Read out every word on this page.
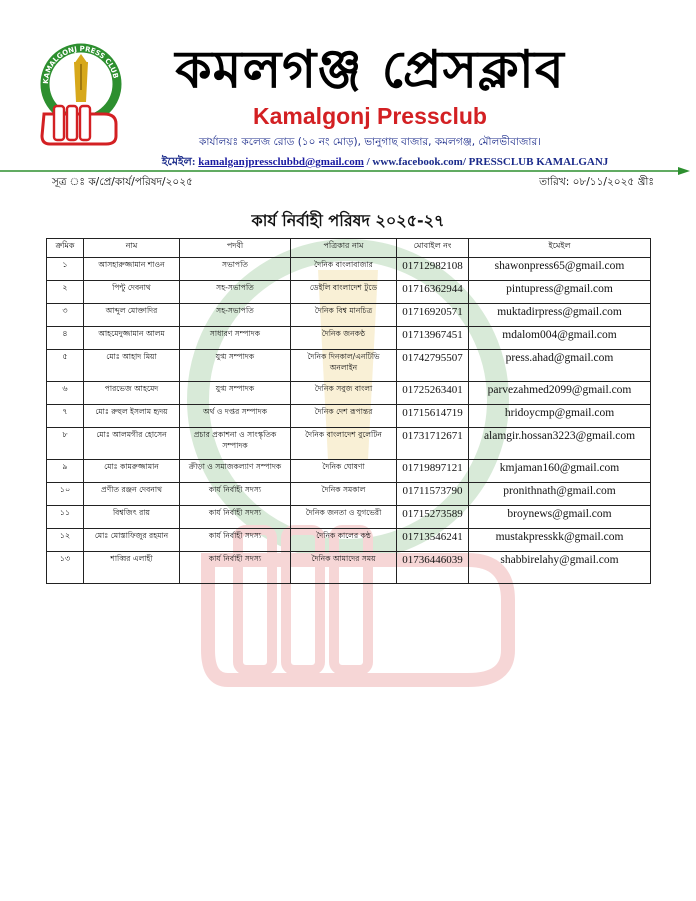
KAMALGONJ PRESS CLUB
✱	✱	কমলগঞ্জ প্রেসক্লাব
Kamalgonj Pressclub
কার্যালয়ঃ কলেজ রোড (১০ নং মোড়), ভানুগাছ বাজার, কমলগঞ্জ, মৌলভীবাজার।
ইমেইল: kamalganjpressclubbd@gmail.com / www.facebook.com/ PRESSCLUB KAMALGANJ
সূত্র ঃ ক/প্রে/কার্য/পরিষদ/২০২৫	তারিখ: ০৮/১১/২০২৫ খ্রীঃ
কার্য নির্বাহী পরিষদ ২০২৫-২৭
ক্রমিক	নাম	পদবী	পত্রিকার নাম	মোবাইল নং	ইমেইল
১	আসহারুজ্জামান শাওন	সভাপতি	দৈনিক বাংলাবাজার	01712982108	shawonpress65@gmail.com
২	পিন্টু দেবনাথ	সহ-সভাপতি	ডেইলি বাংলাদেশ টুডে	01716362944	pintupress@gmail.com
৩	আব্দুল মোক্তাদির	সহ-সভাপতি	দৈনিক বিশ্ব মানচিত্র	01716920571	muktadirpress@gmail.com
৪	আহমেদুজ্জামান আলম	সাধারণ সম্পাদক	দৈনিক জনকণ্ঠ	01713967451	mdalom004@gmail.com
৫	মোঃ আহাদ মিয়া	যুগ্ম সম্পাদক	দৈনিক দিনকাল/এনটিভি অনলাইন	01742795507	press.ahad@gmail.com
৬	পারভেজ আহমেদ	যুগ্ম সম্পাদক	দৈনিক সবুজ বাংলা	01725263401	parvezahmed2099@gmail.com
৭	মোঃ রুহুল ইসলাম হৃদয়	অর্থ ও দপ্তর সম্পাদক	দৈনিক দেশ রূপান্তর	01715614719	hridoycmp@gmail.com
৮	মোঃ আলমগীর হোসেন	প্রচার প্রকাশনা ও সাংস্কৃতিক সম্পাদক	দৈনিক বাংলাদেশ বুলেটিন	01731712671	alamgir.hossan3223@gmail.com
৯	মোঃ কামরুজ্জামান	ক্রীড়া ও সমাজকল্যাণ সম্পাদক	দৈনিক ঘোষণা	01719897121	kmjaman160@gmail.com
১০	প্রণীত রঞ্জন দেবনাথ	কার্য নির্বাহী সদস্য	দৈনিক সমকাল	01711573790	pronithnath@gmail.com
১১	বিশ্বজিৎ রায়	কার্য নির্বাহী সদস্য	দৈনিক জনতা ও যুগভেরী	01715273589	broynews@gmail.com
১২	মোঃ মোস্তাফিজুর রহমান	কার্য নির্বাহী সদস্য	দৈনিক কালের কন্ঠ	01713546241	mustakpresskk@gmail.com
১৩	শাব্বির এলাহী	কার্য নির্বাহী সদস্য	দৈনিক আমাদের সময়	01736446039	shabbirelahy@gmail.com
